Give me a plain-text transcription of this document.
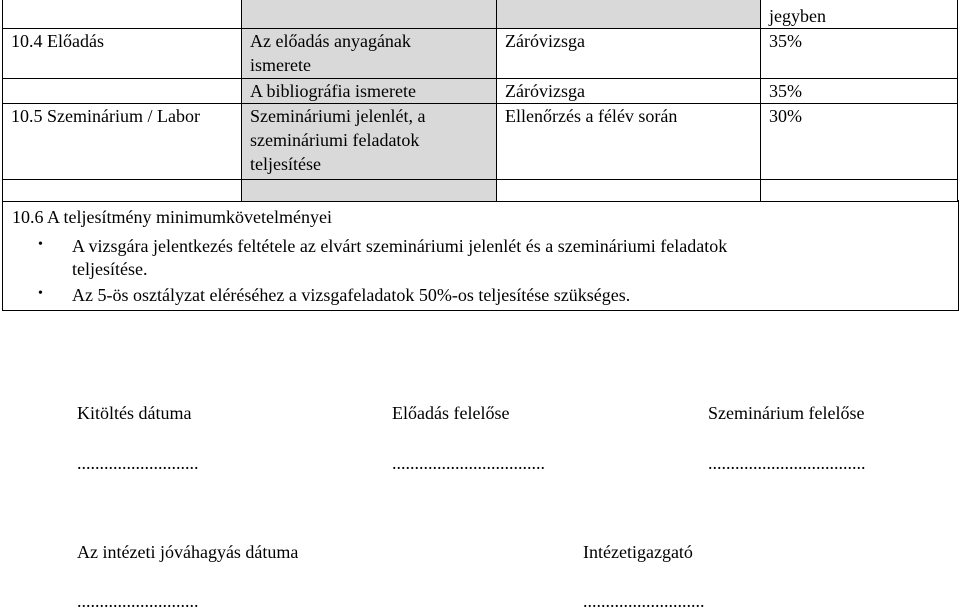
			jegyben
10.4 Előadás	Az előadás anyagának ismerete	Záróvizsga	35%
	A bibliográfia ismerete	Záróvizsga	35%
10.5 Szeminárium / Labor	Szemináriumi jelenlét, a szemináriumi feladatok teljesítése	Ellenőrzés a félév során	30%

10.6 A teljesítmény minimumkövetelményei
• A vizsgára jelentkezés feltétele az elvárt szemináriumi jelenlét és a szemináriumi feladatok
teljesítése.
• Az 5-ös osztályzat eléréséhez a vizsgafeladatok 50%-os teljesítése szükséges.
Kitöltés dátuma
...........................
Előadás felelőse
..................................
Szeminárium felelőse
...................................
Az intézeti jóváhagyás dátuma
...........................
Intézetigazgató
...........................
